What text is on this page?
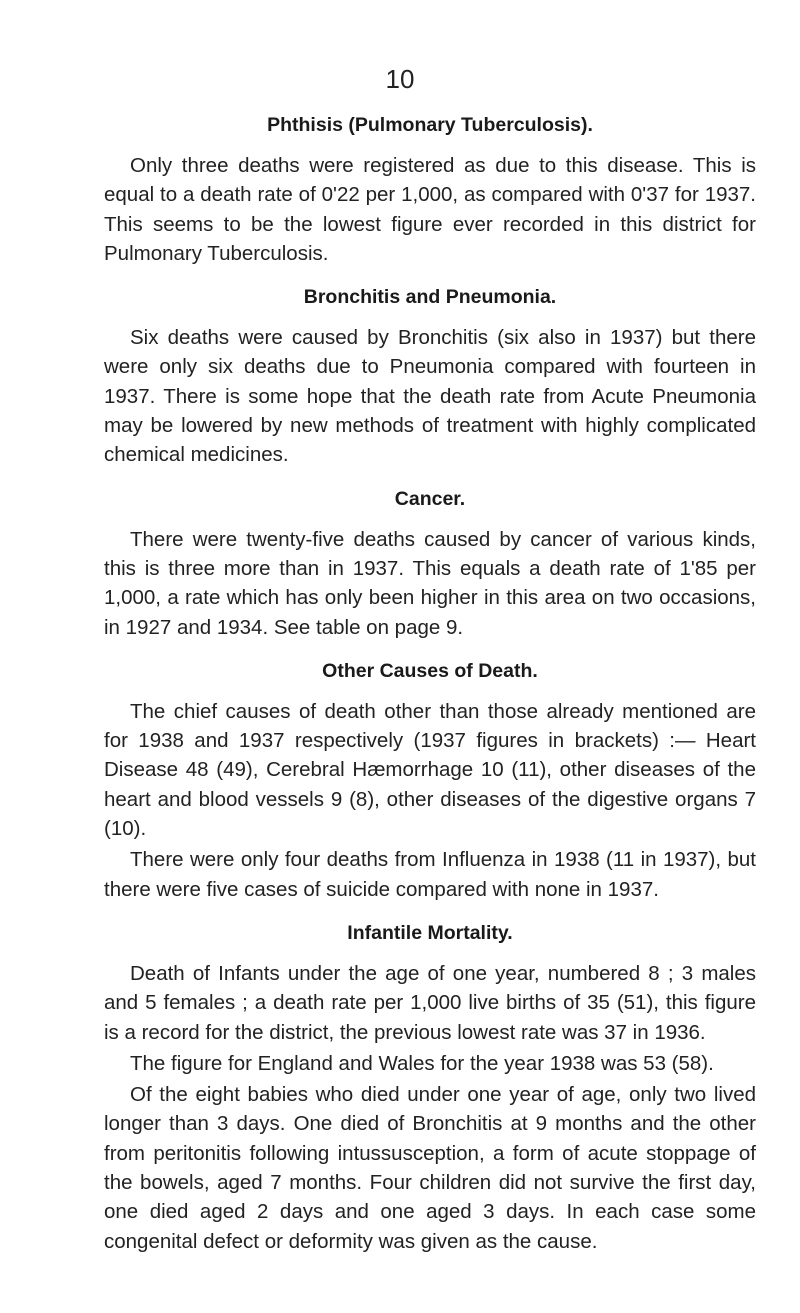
10

Phthisis (Pulmonary Tuberculosis).

Only three deaths were registered as due to this disease. This is equal to a death rate of 0'22 per 1,000, as compared with 0'37 for 1937. This seems to be the lowest figure ever recorded in this district for Pulmonary Tuberculosis.

Bronchitis and Pneumonia.

Six deaths were caused by Bronchitis (six also in 1937) but there were only six deaths due to Pneumonia compared with fourteen in 1937. There is some hope that the death rate from Acute Pneumonia may be lowered by new methods of treatment with highly complicated chemical medicines.

Cancer.

There were twenty-five deaths caused by cancer of various kinds, this is three more than in 1937. This equals a death rate of 1'85 per 1,000, a rate which has only been higher in this area on two occasions, in 1927 and 1934. See table on page 9.

Other Causes of Death.

The chief causes of death other than those already mentioned are for 1938 and 1937 respectively (1937 figures in brackets) :— Heart Disease 48 (49), Cerebral Hæmorrhage 10 (11), other diseases of the heart and blood vessels 9 (8), other diseases of the digestive organs 7 (10).

There were only four deaths from Influenza in 1938 (11 in 1937), but there were five cases of suicide compared with none in 1937.

Infantile Mortality.

Death of Infants under the age of one year, numbered 8 ; 3 males and 5 females ; a death rate per 1,000 live births of 35 (51), this figure is a record for the district, the previous lowest rate was 37 in 1936.

The figure for England and Wales for the year 1938 was 53 (58).

Of the eight babies who died under one year of age, only two lived longer than 3 days. One died of Bronchitis at 9 months and the other from peritonitis following intussusception, a form of acute stoppage of the bowels, aged 7 months. Four children did not survive the first day, one died aged 2 days and one aged 3 days. In each case some congenital defect or deformity was given as the cause.
